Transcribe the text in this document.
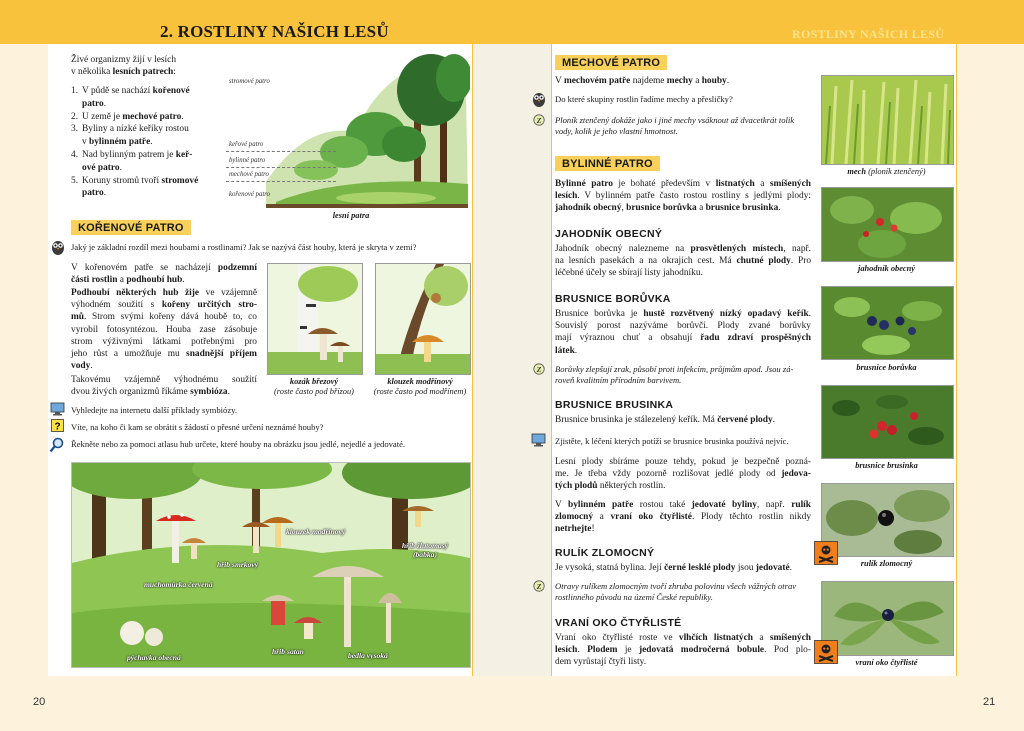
2. ROSTLINY NAŠICH LESŮ	ROSTLINY NAŠICH LESŮ
20	21
Živé organizmy žijí v lesích
v několika lesních patrech:
1. V půdě se nachází kořenové
patro.
2. U země je mechové patro.
3. Byliny a nízké keříky rostou
v bylinném patře.
4. Nad bylinným patrem je keř-
ové patro.
5. Koruny stromů tvoří stromové
patro.
stromové patro
keřové patro
bylinné patro
mechové patro
kořenové patro
lesní patra
KOŘENOVÉ PATRO
Jaký je základní rozdíl mezi houbami a rostlinami? Jak se nazývá část houby, která je skryta v zemi?
V kořenovém patře se nacházejí podzemní
části rostlin a podhoubí hub.
Podhoubí některých hub žije ve vzájemně
výhodném soužití s kořeny určitých stro-
mů. Strom svými kořeny dává houbě to, co
vyrobil fotosyntézou. Houba zase zásobuje
strom výživnými látkami potřebnými pro
jeho růst a umožňuje mu snadnější příjem
vody.
Takovému vzájemně výhodnému soužití
dvou živých organizmů říkáme symbióza.
kozák březový
(roste často pod břízou)
klouzek modřínový
(roste často pod modřínem)
Vyhledejte na internetu další příklady symbiózy.
? Víte, na koho či kam se obrátit s žádostí o přesné určení neznámé houby?
Řekněte nebo za pomoci atlasu hub určete, které houby na obrázku jsou jedlé, nejedlé a jedovaté.
klouzek modřínový
hřib žlutomasý (babka)
hřib smrkový
muchomůrka červená
hřib satan
pýchavka obecná	bedla vysoká
MECHOVÉ PATRO
V mechovém patře najdeme mechy a houby.
Do které skupiny rostlin řadíme mechy a přesličky?
Z Ploník ztenčený dokáže jako i jiné mechy vsáknout až dvacetkrát tolik
vody, kolik je jeho vlastní hmotnost.
BYLINNÉ PATRO
Bylinné patro je bohaté především v listnatých a smíšených
lesích. V bylinném patře často rostou rostliny s jedlými plody:
jahodník obecný, brusnice borůvka a brusnice brusinka.
JAHODNÍK OBECNÝ
Jahodník obecný nalezneme na prosvětlených místech, např.
na lesních pasekách a na okrajích cest. Má chutné plody. Pro
léčebné účely se sbírají listy jahodníku.
BRUSNICE BORŮVKA
Brusnice borůvka je hustě rozvětvený nízký opadavý keřík.
Souvislý porost nazýváme borůvčí. Plody zvané borůvky
mají výraznou chuť a obsahují řadu zdraví prospěšných
látek.
Z Borůvky zlepšují zrak, působí proti infekcím, průjmům apod. Jsou zá-
roveň kvalitním přírodním barvivem.
BRUSNICE BRUSINKA
Brusnice brusinka je stálezelený keřík. Má červené plody.
Zjistěte, k léčení kterých potíží se brusnice brusinka používá nejvíc.
Lesní plody sbíráme pouze tehdy, pokud je bezpečně pozná-
me. Je třeba vždy pozorně rozlišovat jedlé plody od jedova-
tých plodů některých rostlin.
V bylinném patře rostou také jedovaté byliny, např. rulík
zlomocný a vraní oko čtyřlisté. Plody těchto rostlin nikdy
netrhejte!
RULÍK ZLOMOCNÝ
Je vysoká, statná bylina. Její černé lesklé plody jsou jedovaté.
Z Otravy rulíkem zlomocným tvoří zhruba polovinu všech vážných otrav
rostlinného původu na území České republiky.
VRANÍ OKO ČTYŘLISTÉ
Vraní oko čtyřlisté roste ve vlhčích listnatých a smíšených
lesích. Plodem je jedovatá modročerná bobule. Pod plo-
dem vyrůstají čtyři listy.
mech (ploník ztenčený)
jahodník obecný
brusnice borůvka
brusnice brusinka
rulík zlomocný
vraní oko čtyřlisté
